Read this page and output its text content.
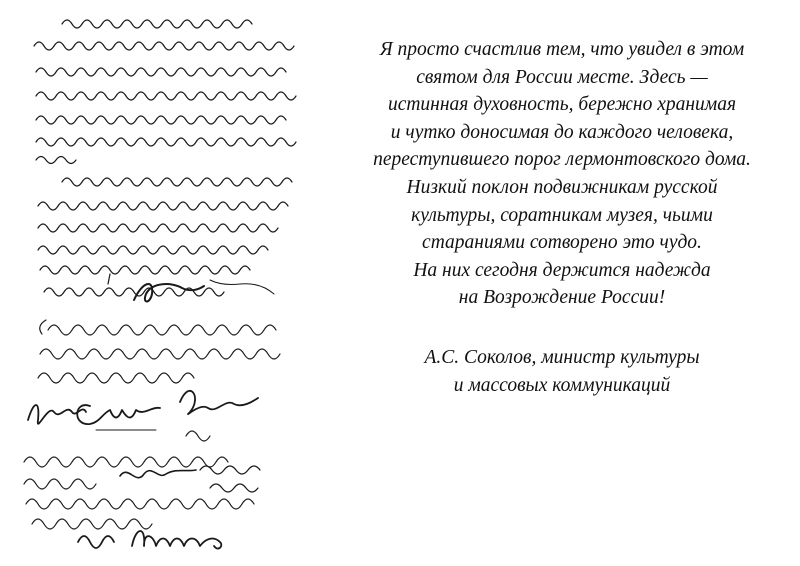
Я просто счастлив тем, что увидел в этом
святом для России месте. Здесь —
истинная духовность, бережно хранимая
и чутко доносимая до каждого человека,
переступившего порог лермонтовского дома.
Низкий поклон подвижникам русской
культуры, соратникам музея, чьими
стараниями сотворено это чудо.
На них сегодня держится надежда
на Возрождение России!
А.С. Соколов, министр культуры
и массовых коммуникаций
